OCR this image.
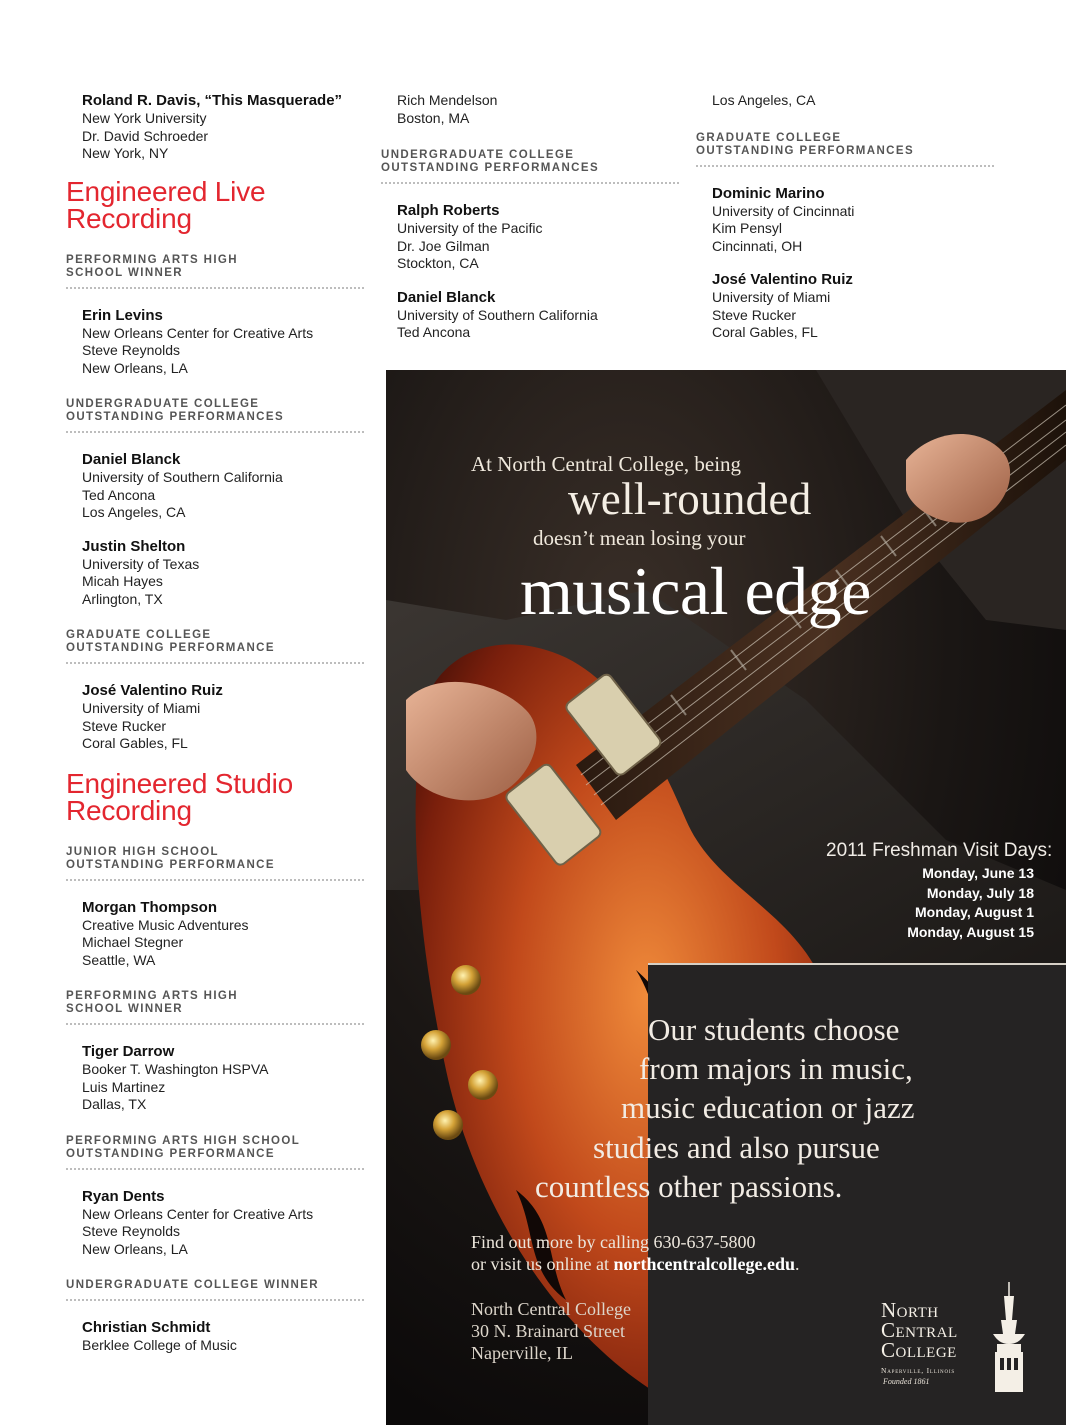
Roland R. Davis, “This Masquerade”
New York University
Dr. David Schroeder
New York, NY
Engineered Live
Recording
PERFORMING ARTS HIGH
SCHOOL WINNER
Erin Levins
New Orleans Center for Creative Arts
Steve Reynolds
New Orleans, LA
UNDERGRADUATE COLLEGE
OUTSTANDING PERFORMANCES
Daniel Blanck
University of Southern California
Ted Ancona
Los Angeles, CA
Justin Shelton
University of Texas
Micah Hayes
Arlington, TX
GRADUATE COLLEGE
OUTSTANDING PERFORMANCE
José Valentino Ruiz
University of Miami
Steve Rucker
Coral Gables, FL
Engineered Studio
Recording
JUNIOR HIGH SCHOOL
OUTSTANDING PERFORMANCE
Morgan Thompson
Creative Music Adventures
Michael Stegner
Seattle, WA
PERFORMING ARTS HIGH
SCHOOL WINNER
Tiger Darrow
Booker T. Washington HSPVA
Luis Martinez
Dallas, TX
PERFORMING ARTS HIGH SCHOOL
OUTSTANDING PERFORMANCE
Ryan Dents
New Orleans Center for Creative Arts
Steve Reynolds
New Orleans, LA
UNDERGRADUATE COLLEGE WINNER
Christian Schmidt
Berklee College of Music
Rich Mendelson
Boston, MA
UNDERGRADUATE COLLEGE
OUTSTANDING PERFORMANCES
Ralph Roberts
University of the Pacific
Dr. Joe Gilman
Stockton, CA
Daniel Blanck
University of Southern California
Ted Ancona
Los Angeles, CA
GRADUATE COLLEGE
OUTSTANDING PERFORMANCES
Dominic Marino
University of Cincinnati
Kim Pensyl
Cincinnati, OH
José Valentino Ruiz
University of Miami
Steve Rucker
Coral Gables, FL
At North Central College, being
well-rounded
doesn’t mean losing your
musical edge
2011 Freshman Visit Days:
Monday, June 13
Monday, July 18
Monday, August 1
Monday, August 15
Our students choose
from majors in music,
music education or jazz
studies and also pursue
countless other passions.
Find out more by calling 630-637-5800
or visit us online at northcentralcollege.edu.
North Central College
30 N. Brainard Street
Naperville, IL
North
Central
College
Naperville, Illinois
Founded 1861
